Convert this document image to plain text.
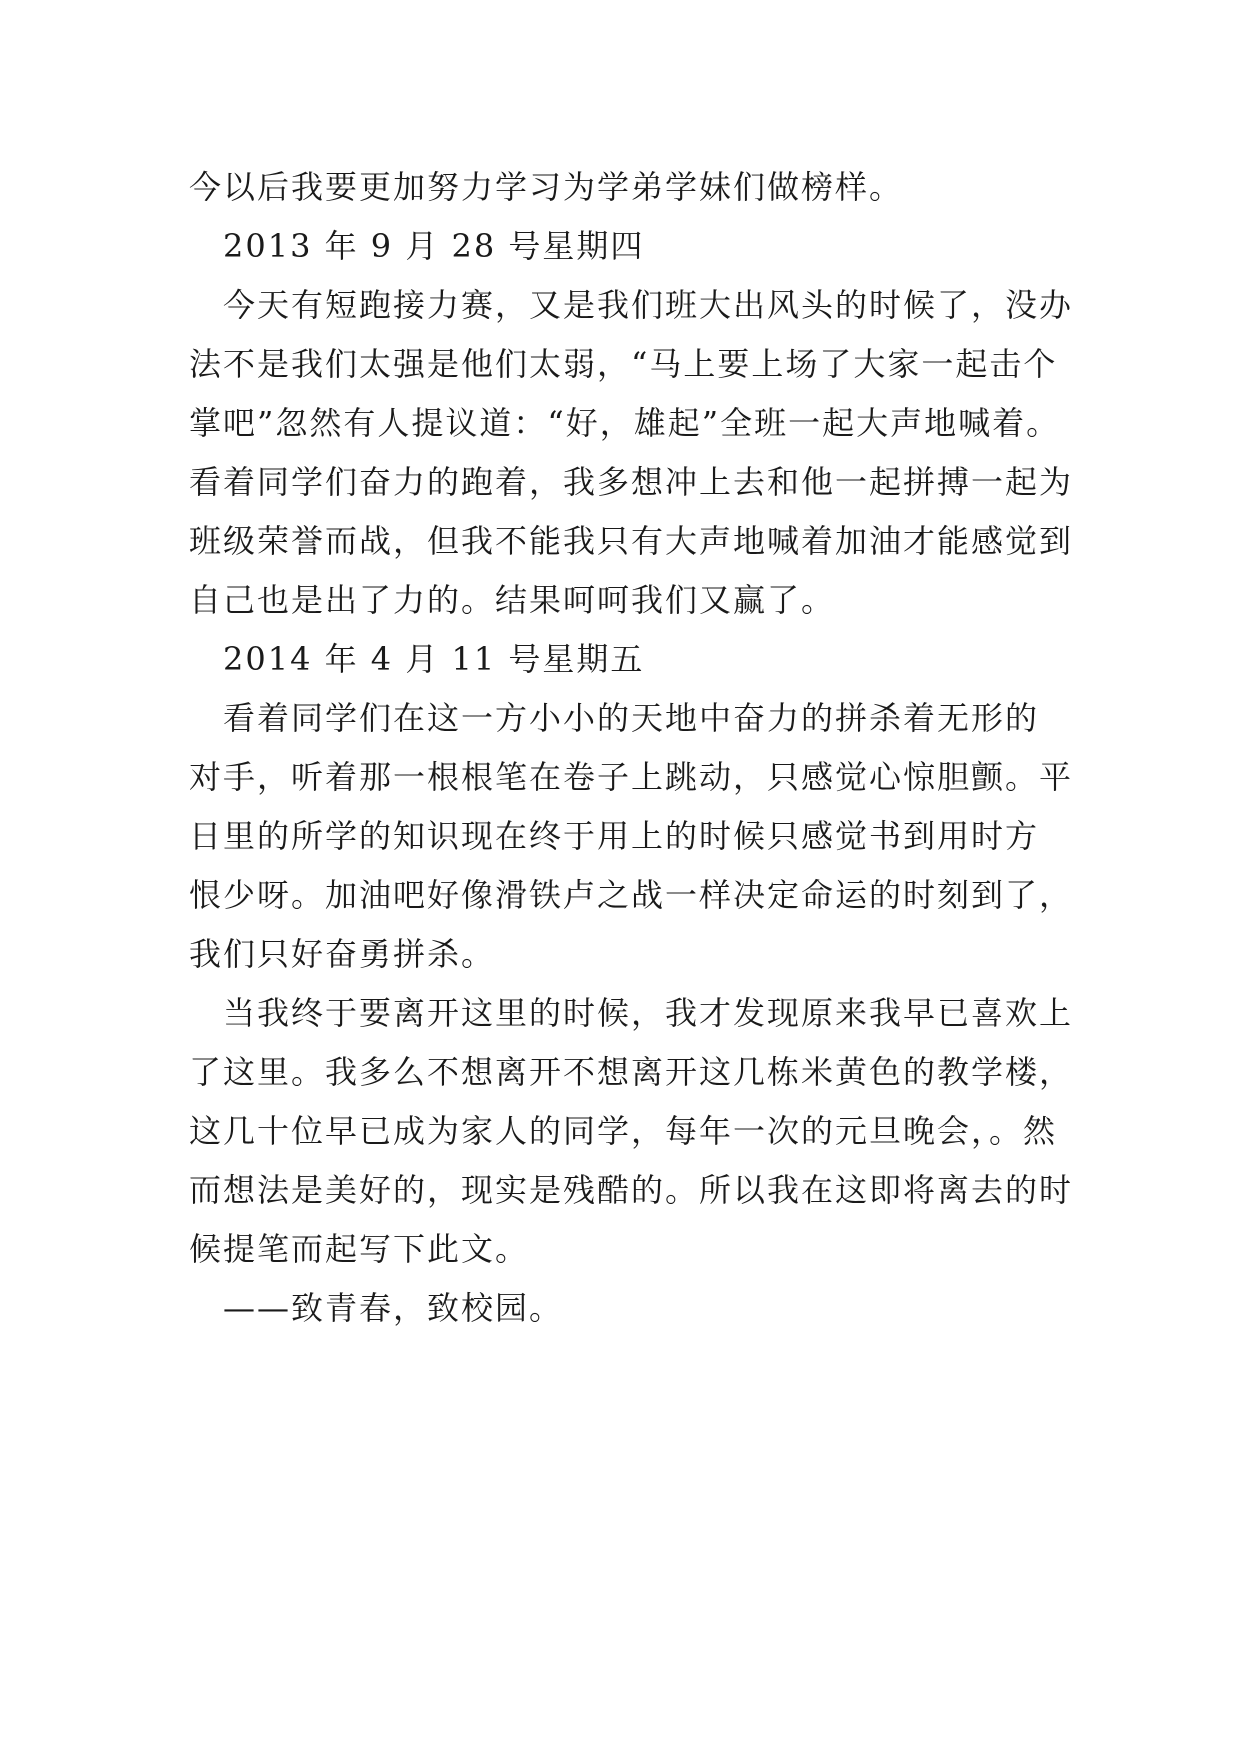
今以后我要更加努力学习为学弟学妹们做榜样。
2013 年 9 月 28 号星期四
今天有短跑接力赛，又是我们班大出风头的时候了，没办
法不是我们太强是他们太弱，“马上要上场了大家一起击个
掌吧”忽然有人提议道：“好，雄起”全班一起大声地喊着。
看着同学们奋力的跑着，我多想冲上去和他一起拼搏一起为
班级荣誉而战，但我不能我只有大声地喊着加油才能感觉到
自己也是出了力的。结果呵呵我们又赢了。
2014 年 4 月 11 号星期五
看着同学们在这一方小小的天地中奋力的拼杀着无形的
对手，听着那一根根笔在卷子上跳动，只感觉心惊胆颤。平
日里的所学的知识现在终于用上的时候只感觉书到用时方
恨少呀。加油吧好像滑铁卢之战一样决定命运的时刻到了，
我们只好奋勇拼杀。
当我终于要离开这里的时候，我才发现原来我早已喜欢上
了这里。我多么不想离开不想离开这几栋米黄色的教学楼，
这几十位早已成为家人的同学，每年一次的元旦晚会，。然
而想法是美好的，现实是残酷的。所以我在这即将离去的时
候提笔而起写下此文。
——致青春，致校园。
